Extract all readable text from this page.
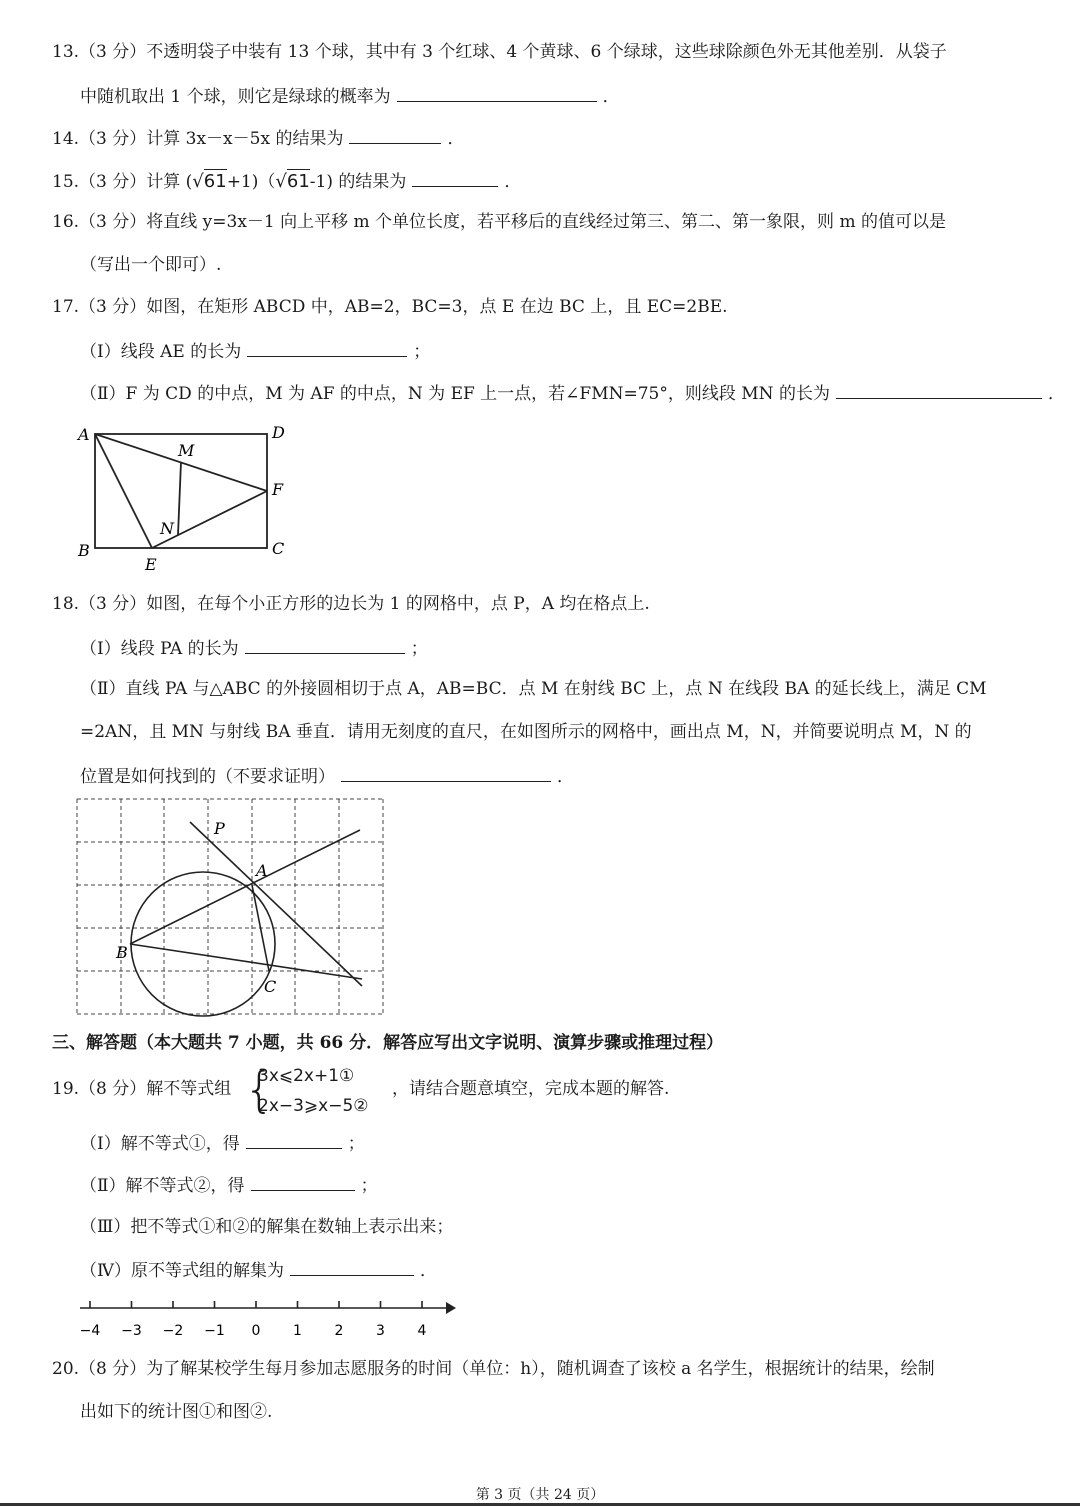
13.（3 分）不透明袋子中装有 13 个球，其中有 3 个红球、4 个黄球、6 个绿球，这些球除颜色外无其他差别．从袋子
中随机取出 1 个球，则它是绿球的概率为	．
14.（3 分）计算 3x－x－5x 的结果为	．
15.（3 分）计算 (√61+1)（√61-1) 的结果为	．
16.（3 分）将直线 y=3x－1 向上平移 m 个单位长度，若平移后的直线经过第三、第二、第一象限，则 m 的值可以是
（写出一个即可）.
17.（3 分）如图，在矩形 ABCD 中，AB=2，BC=3，点 E 在边 BC 上，且 EC=2BE.
（Ⅰ）线段 AE 的长为	；
（Ⅱ）F 为 CD 的中点，M 为 AF 的中点，N 为 EF 上一点，若∠FMN=75°，则线段 MN 的长为	．
A	D
M
F
N
B	C
E
18.（3 分）如图，在每个小正方形的边长为 1 的网格中，点 P，A 均在格点上.
（Ⅰ）线段 PA 的长为	；
（Ⅱ）直线 PA 与△ABC 的外接圆相切于点 A，AB=BC．点 M 在射线 BC 上，点 N 在线段 BA 的延长线上，满足 CM
=2AN，且 MN 与射线 BA 垂直．请用无刻度的直尺，在如图所示的网格中，画出点 M，N，并简要说明点 M，N 的
位置是如何找到的（不要求证明）	．
P
A
B
C
三、解答题（本大题共 7 小题，共 66 分．解答应写出文字说明、演算步骤或推理过程）
19.（8 分）解不等式组 {
3x⩽2x+1①
2x−3⩾x−5②
，请结合题意填空，完成本题的解答.
（Ⅰ）解不等式①，得	；
（Ⅱ）解不等式②，得	；
（Ⅲ）把不等式①和②的解集在数轴上表示出来；
（Ⅳ）原不等式组的解集为	．
−4 −3 −2 −1 0 1 2 3 4
20.（8 分）为了解某校学生每月参加志愿服务的时间（单位：h），随机调查了该校 a 名学生，根据统计的结果，绘制
出如下的统计图①和图②.
第 3 页（共 24 页）
